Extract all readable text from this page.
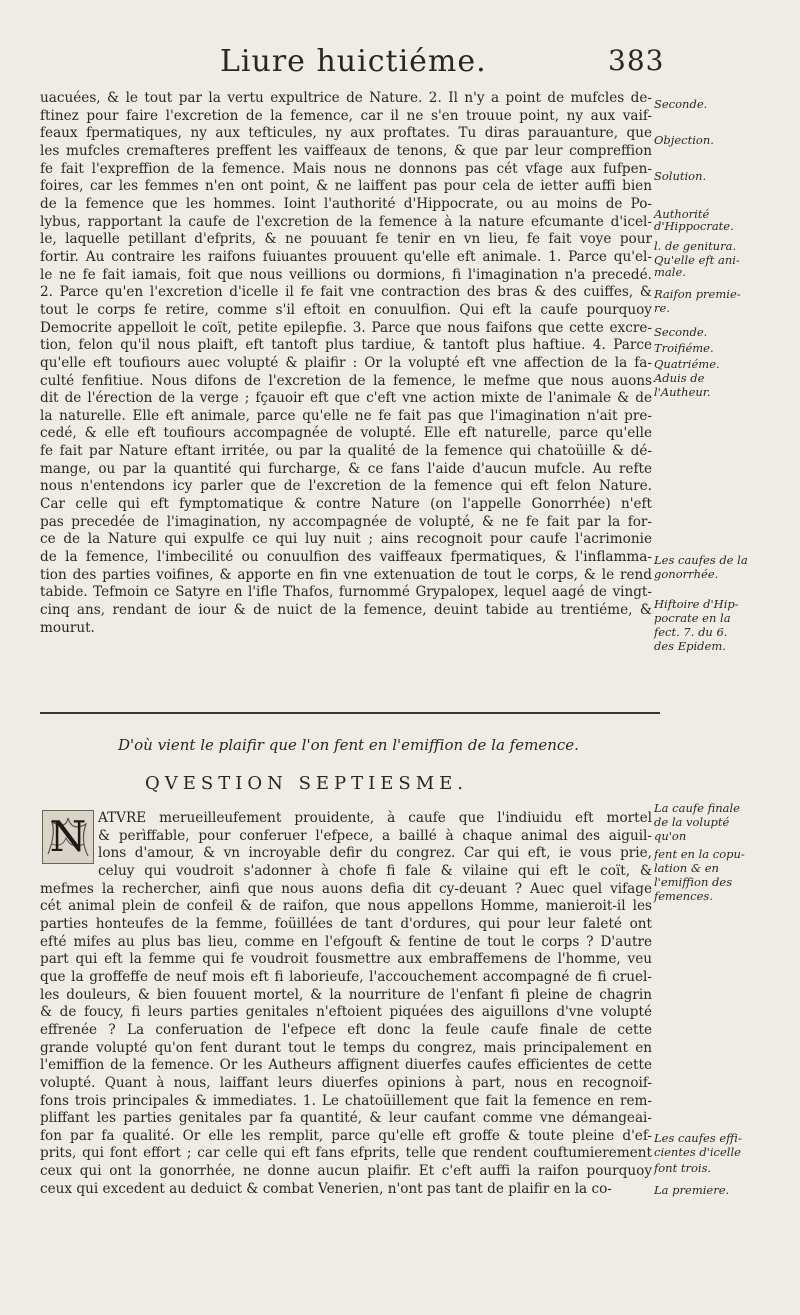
Liure huictiéme.	383
uacuées, & le tout par la vertu expultrice de Nature. 2. Il n'y a point de mufcles de-
ftinez pour faire l'excretion de la femence, car il ne s'en trouue point, ny aux vaif-
feaux fpermatiques, ny aux tefticules, ny aux proftates. Tu diras parauanture, que
les mufcles cremafteres preffent les vaiffeaux de tenons, & que par leur compreffion
fe fait l'expreffion de la femence. Mais nous ne donnons pas cét vfage aux fufpen-
foires, car les femmes n'en ont point, & ne laiffent pas pour cela de ietter auffi bien
de la femence que les hommes. Ioint l'authorité d'Hippocrate, ou au moins de Po-
lybus, rapportant la caufe de l'excretion de la femence à la nature efcumante d'icel-
le, laquelle petillant d'efprits, & ne pouuant fe tenir en vn lieu, fe fait voye pour
fortir. Au contraire les raifons fuiuantes prouuent qu'elle eft animale. 1. Parce qu'el-
le ne fe fait iamais, foit que nous veillions ou dormions, fi l'imagination n'a precedé.
2. Parce qu'en l'excretion d'icelle il fe fait vne contraction des bras & des cuiffes, &
tout le corps fe retire, comme s'il eftoit en conuulfion. Qui eft la caufe pourquoy
Democrite appelloit le coït, petite epilepfie. 3. Parce que nous faifons que cette excre-
tion, felon qu'il nous plaift, eft tantoft plus tardiue, & tantoft plus haftiue. 4. Parce
qu'elle eft toufiours auec volupté & plaifir : Or la volupté eft vne affection de la fa-
culté fenfitiue. Nous difons de l'excretion de la femence, le mefme que nous auons
dit de l'érection de la verge ; fçauoir eft que c'eft vne action mixte de l'animale & de
la naturelle. Elle eft animale, parce qu'elle ne fe fait pas que l'imagination n'ait pre-
cedé, & elle eft toufiours accompagnée de volupté. Elle eft naturelle, parce qu'elle
fe fait par Nature eftant irritée, ou par la qualité de la femence qui chatoüille & dé-
mange, ou par la quantité qui furcharge, & ce fans l'aide d'aucun mufcle. Au refte
nous n'entendons icy parler que de l'excretion de la femence qui eft felon Nature.
Car celle qui eft fymptomatique & contre Nature (on l'appelle Gonorrhée) n'eft
pas precedée de l'imagination, ny accompagnée de volupté, & ne fe fait par la for-
ce de la Nature qui expulfe ce qui luy nuit ; ains recognoit pour caufe l'acrimonie
de la femence, l'imbecilité ou conuulfion des vaiffeaux fpermatiques, & l'inflamma-
tion des parties voifines, & apporte en fin vne extenuation de tout le corps, & le rend
tabide. Tefmoin ce Satyre en l'ifle Thafos, furnommé Grypalopex, lequel aagé de vingt-
cinq ans, rendant de iour & de nuict de la femence, deuint tabide au trentiéme, &
mourut.
Seconde.
Objection.
Solution.
Authorité
d'Hippocrate.
l. de genitura.
Qu'elle eft ani-
male.
Raifon premie-
re.
Seconde.
Troifiéme.
Quatriéme.
Aduis de
l'Autheur.
Les caufes de la
gonorrhée.
Hiftoire d'Hip-
pocrate en la
fect. 7. du 6.
des Epidem.
D'où vient le plaifir que l'on fent en l'emiffion de la femence.
QVESTION SEPTIESME.
N ATVRE merueilleufement prouidente, à caufe que l'indiuidu eft mortel
& perìffable, pour conferuer l'efpece, a baillé à chaque animal des aiguil-
lons d'amour, & vn incroyable defir du congrez. Car qui eft, ie vous prie,
celuy qui voudroit s'adonner à chofe fi fale & vilaine qui eft le coït, &
mefmes la rechercher, ainfi que nous auons defia dit cy-deuant ? Auec quel vifage
cét animal plein de confeil & de raifon, que nous appellons Homme, manieroit-il les
parties honteufes de la femme, foüillées de tant d'ordures, qui pour leur faleté ont
efté mifes au plus bas lieu, comme en l'efgouft & fentine de tout le corps ? D'autre
part qui eft la femme qui fe voudroit fousmettre aux embraffemens de l'homme, veu
que la groffeffe de neuf mois eft fi laborieufe, l'accouchement accompagné de fi cruel-
les douleurs, & bien fouuent mortel, & la nourriture de l'enfant fi pleine de chagrin
& de foucy, fi leurs parties genitales n'eftoient piquées des aiguillons d'vne volupté
effrenée ? La conferuation de l'efpece eft donc la feule caufe finale de cette
grande volupté qu'on fent durant tout le temps du congrez, mais principalement en
l'emiffion de la femence. Or les Autheurs affignent diuerfes caufes efficientes de cette
volupté. Quant à nous, laiffant leurs diuerfes opinions à part, nous en recognoif-
fons trois principales & immediates. 1. Le chatoüillement que fait la femence en rem-
pliffant les parties genitales par fa quantité, & leur caufant comme vne démangeai-
fon par fa qualité. Or elle les remplit, parce qu'elle eft groffe & toute pleine d'ef-
prits, qui font effort ; car celle qui eft fans efprits, telle que rendent couftumierement
ceux qui ont la gonorrhée, ne donne aucun plaifir. Et c'eft auffi la raifon pourquoy
ceux qui excedent au deduict & combat Venerien, n'ont pas tant de plaifir en la co-
La caufe finale
de la volupté
qu'on
fent en la copu-
lation & en
l'emiffion des
femences.
Les caufes effi-
cientes d'icelle
font trois.
La premiere.
